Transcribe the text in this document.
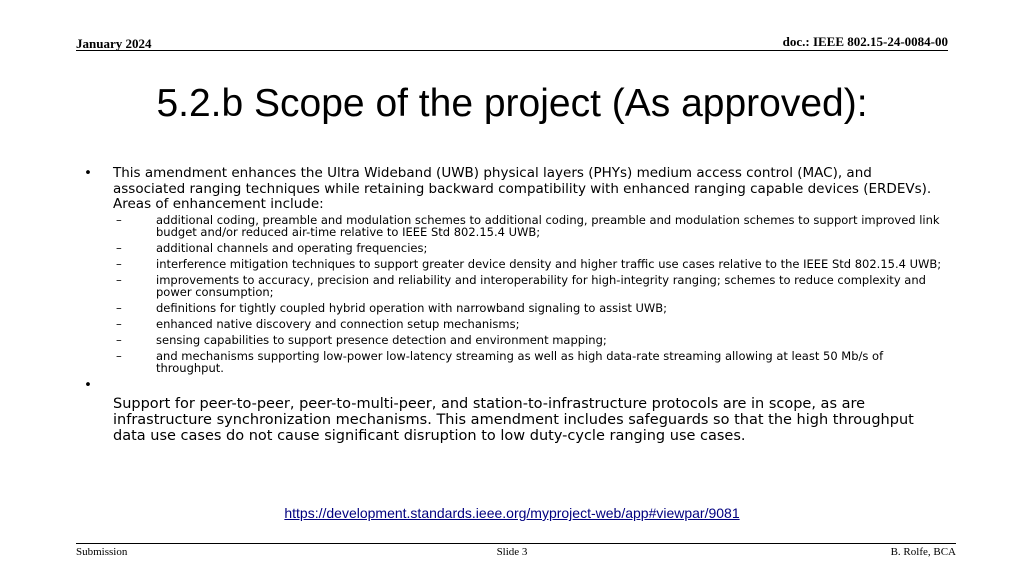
January 2024	doc.: IEEE 802.15-24-0084-00
5.2.b Scope of the project (As approved):
• This amendment enhances the Ultra Wideband (UWB) physical layers (PHYs) medium access control (MAC), and associated ranging techniques while retaining backward compatibility with enhanced ranging capable devices (ERDEVs).
Areas of enhancement include:
–	additional coding, preamble and modulation schemes to additional coding, preamble and modulation schemes to support improved link budget and/or reduced air-time relative to IEEE Std 802.15.4 UWB;
–	additional channels and operating frequencies;
–	interference mitigation techniques to support greater device density and higher traffic use cases relative to the IEEE Std 802.15.4 UWB;
–	improvements to accuracy, precision and reliability and interoperability for high-integrity ranging; schemes to reduce complexity and power consumption;
–	definitions for tightly coupled hybrid operation with narrowband signaling to assist UWB;
–	enhanced native discovery and connection setup mechanisms;
–	sensing capabilities to support presence detection and environment mapping;
–	and mechanisms supporting low-power low-latency streaming as well as high data-rate streaming allowing at least 50 Mb/s of throughput.
•
Support for peer-to-peer, peer-to-multi-peer, and station-to-infrastructure protocols are in scope, as are infrastructure synchronization mechanisms. This amendment includes safeguards so that the high throughput data use cases do not cause significant disruption to low duty-cycle ranging use cases.
https://development.standards.ieee.org/myproject-web/app#viewpar/9081
Submission	Slide 3	B. Rolfe, BCA
